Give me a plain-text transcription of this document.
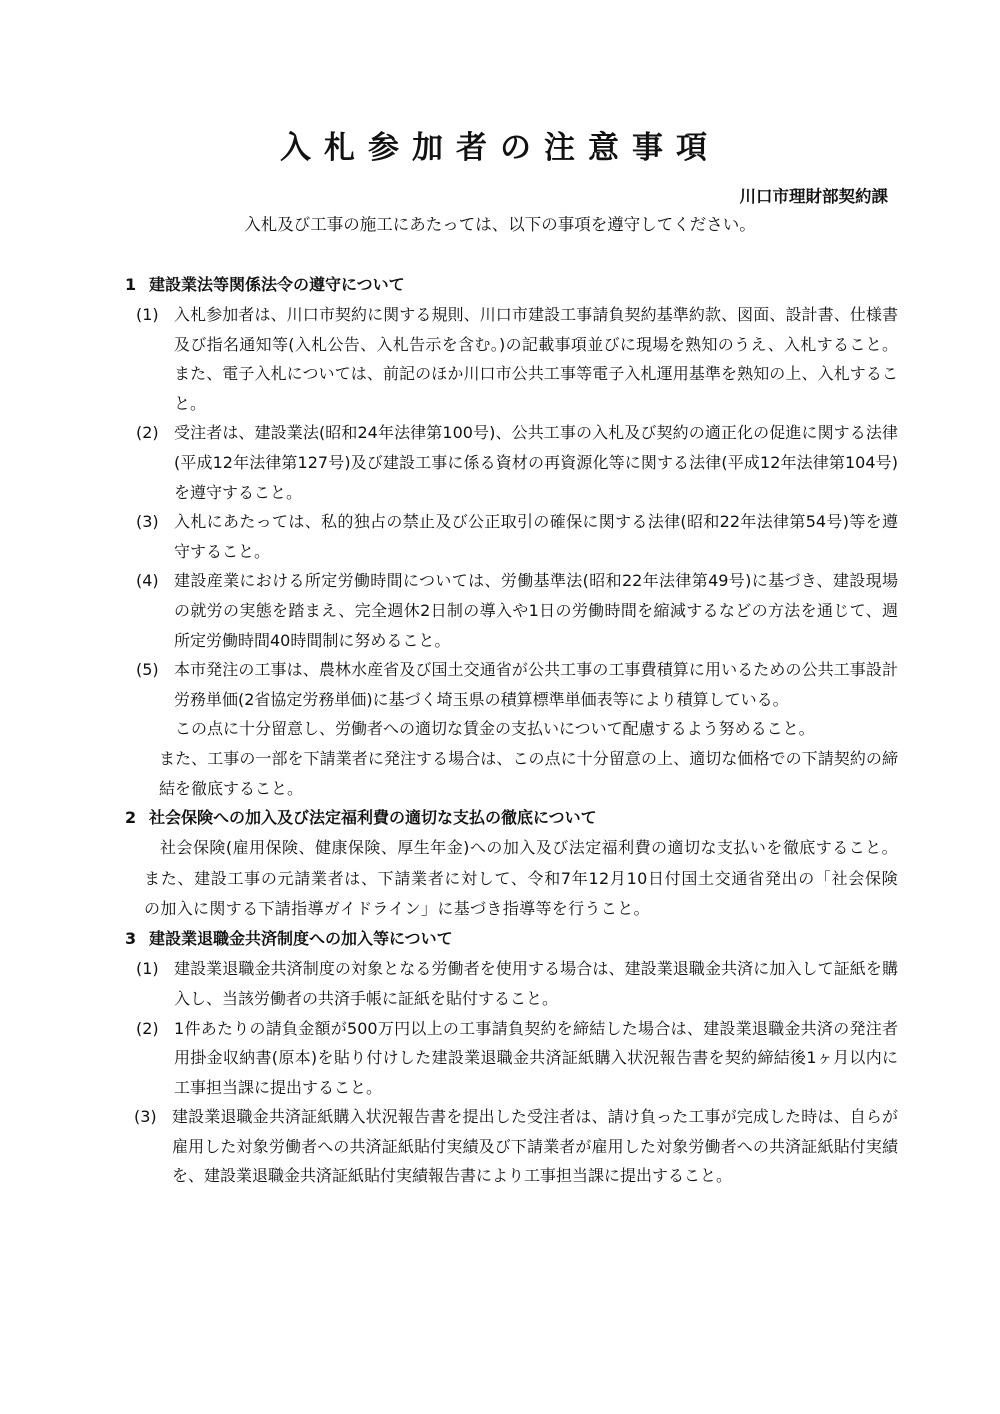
入札参加者の注意事項
川口市理財部契約課
入札及び工事の施工にあたっては、以下の事項を遵守してください。

1 建設業法等関係法令の遵守について

(1) 入札参加者は、川口市契約に関する規則、川口市建設工事請負契約基準約款、図面、設計書、仕様書及び指名通知等(入札公告、入札告示を含む。)の記載事項並びに現場を熟知のうえ、入札すること。また、電子入札については、前記のほか川口市公共工事等電子入札運用基準を熟知の上、入札すること。
(2) 受注者は、建設業法(昭和24年法律第100号)、公共工事の入札及び契約の適正化の促進に関する法律(平成12年法律第127号)及び建設工事に係る資材の再資源化等に関する法律(平成12年法律第104号)を遵守すること。
(3) 入札にあたっては、私的独占の禁止及び公正取引の確保に関する法律(昭和22年法律第54号)等を遵守すること。
(4) 建設産業における所定労働時間については、労働基準法(昭和22年法律第49号)に基づき、建設現場の就労の実態を踏まえ、完全週休2日制の導入や1日の労働時間を縮減するなどの方法を通じて、週所定労働時間40時間制に努めること。
(5) 本市発注の工事は、農林水産省及び国土交通省が公共工事の工事費積算に用いるための公共工事設計労務単価(2省協定労務単価)に基づく埼玉県の積算標準単価表等により積算している。

この点に十分留意し、労働者への適切な賃金の支払いについて配慮するよう努めること。

また、工事の一部を下請業者に発注する場合は、この点に十分留意の上、適切な価格での下請契約の締結を徹底すること。

2 社会保険への加入及び法定福利費の適切な支払の徹底について

社会保険(雇用保険、健康保険、厚生年金)への加入及び法定福利費の適切な支払いを徹底すること。また、建設工事の元請業者は、下請業者に対して、令和7年12月10日付国土交通省発出の「社会保険の加入に関する下請指導ガイドライン」に基づき指導等を行うこと。

3 建設業退職金共済制度への加入等について

(1) 建設業退職金共済制度の対象となる労働者を使用する場合は、建設業退職金共済に加入して証紙を購入し、当該労働者の共済手帳に証紙を貼付すること。
(2) 1件あたりの請負金額が500万円以上の工事請負契約を締結した場合は、建設業退職金共済の発注者用掛金収納書(原本)を貼り付けした建設業退職金共済証紙購入状況報告書を契約締結後1ヶ月以内に工事担当課に提出すること。
(3) 建設業退職金共済証紙購入状況報告書を提出した受注者は、請け負った工事が完成した時は、自らが雇用した対象労働者への共済証紙貼付実績及び下請業者が雇用した対象労働者への共済証紙貼付実績を、建設業退職金共済証紙貼付実績報告書により工事担当課に提出すること。
